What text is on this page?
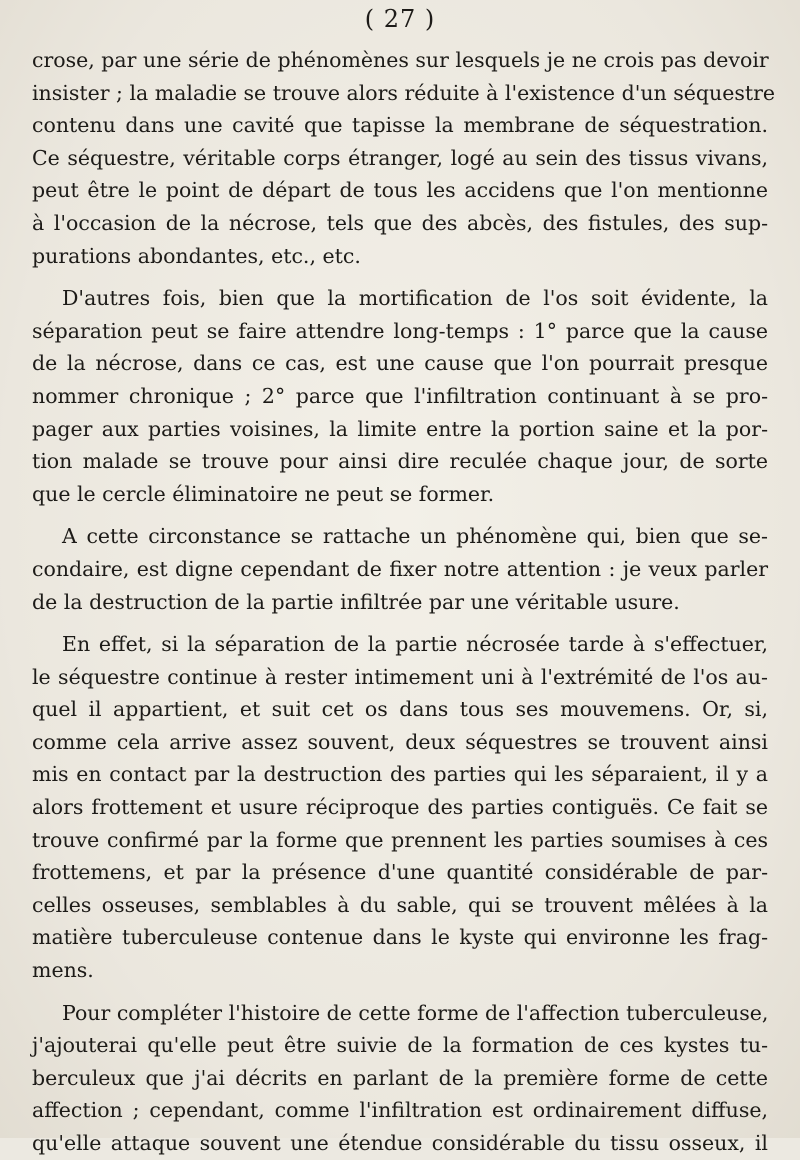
( 27 )

crose, par une série de phénomènes sur lesquels je ne crois pas devoir
insister ; la maladie se trouve alors réduite à l'existence d'un séquestre
contenu dans une cavité que tapisse la membrane de séquestration.
Ce séquestre, véritable corps étranger, logé au sein des tissus vivans,
peut être le point de départ de tous les accidens que l'on mentionne
à l'occasion de la nécrose, tels que des abcès, des fistules, des sup-
purations abondantes, etc., etc.

D'autres fois, bien que la mortification de l'os soit évidente, la
séparation peut se faire attendre long-temps : 1° parce que la cause
de la nécrose, dans ce cas, est une cause que l'on pourrait presque
nommer chronique ; 2° parce que l'infiltration continuant à se pro-
pager aux parties voisines, la limite entre la portion saine et la por-
tion malade se trouve pour ainsi dire reculée chaque jour, de sorte
que le cercle éliminatoire ne peut se former.

A cette circonstance se rattache un phénomène qui, bien que se-
condaire, est digne cependant de fixer notre attention : je veux parler
de la destruction de la partie infiltrée par une véritable usure.

En effet, si la séparation de la partie nécrosée tarde à s'effectuer,
le séquestre continue à rester intimement uni à l'extrémité de l'os au-
quel il appartient, et suit cet os dans tous ses mouvemens. Or, si,
comme cela arrive assez souvent, deux séquestres se trouvent ainsi
mis en contact par la destruction des parties qui les séparaient, il y a
alors frottement et usure réciproque des parties contiguës. Ce fait se
trouve confirmé par la forme que prennent les parties soumises à ces
frottemens, et par la présence d'une quantité considérable de par-
celles osseuses, semblables à du sable, qui se trouvent mêlées à la
matière tuberculeuse contenue dans le kyste qui environne les frag-
mens.

Pour compléter l'histoire de cette forme de l'affection tuberculeuse,
j'ajouterai qu'elle peut être suivie de la formation de ces kystes tu-
berculeux que j'ai décrits en parlant de la première forme de cette
affection ; cependant, comme l'infiltration est ordinairement diffuse,
qu'elle attaque souvent une étendue considérable du tissu osseux, il
